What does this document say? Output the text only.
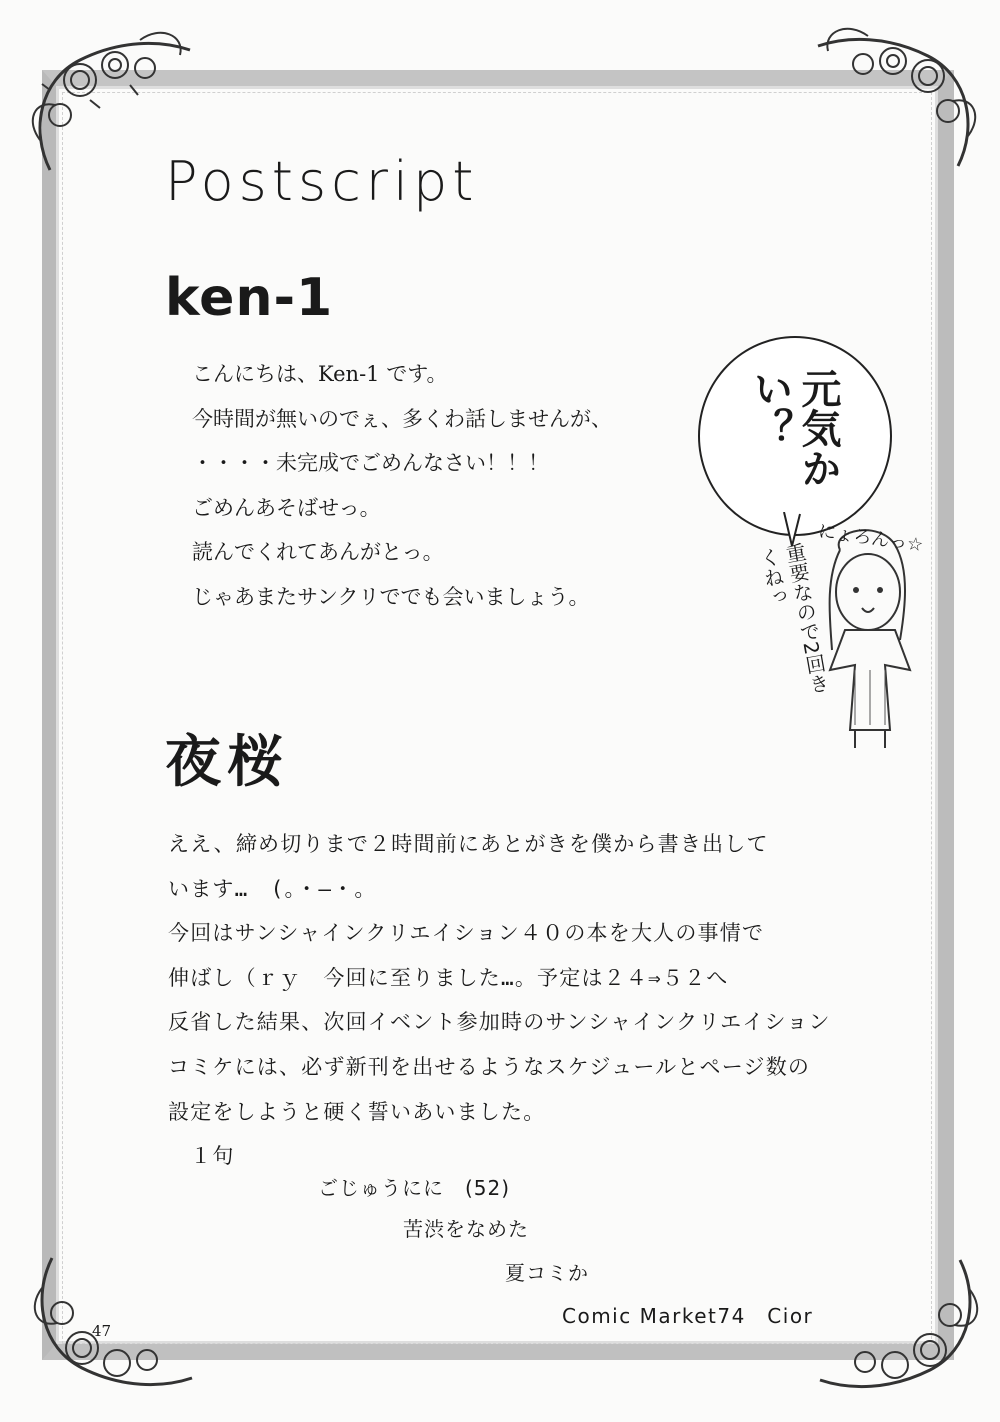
Postscript
ken-1
こんにちは、Ken-1 です。
今時間が無いのでぇ、多くわ話しませんが、
・・・・未完成でごめんなさい！！！
ごめんあそばせっ。
読んでくれてあんがとっ。
じゃあまたサンクリででも会いましょう。
元気かい？
にょろんっ☆
重要なので2回きくねっ
夜桜
ええ、締め切りまで２時間前にあとがきを僕から書き出して
います…　(。・―・。
今回はサンシャインクリエイション４０の本を大人の事情で
伸ばし（ｒｙ　今回に至りました…。予定は２４⇒５２へ
反省した結果、次回イベント参加時のサンシャインクリエイション
コミケには、必ず新刊を出せるようなスケジュールとページ数の
設定をしようと硬く誓いあいました。
　１句
ごじゅうにに　(52)
苦渋をなめた
夏コミか
Comic Market74　Cior
47
